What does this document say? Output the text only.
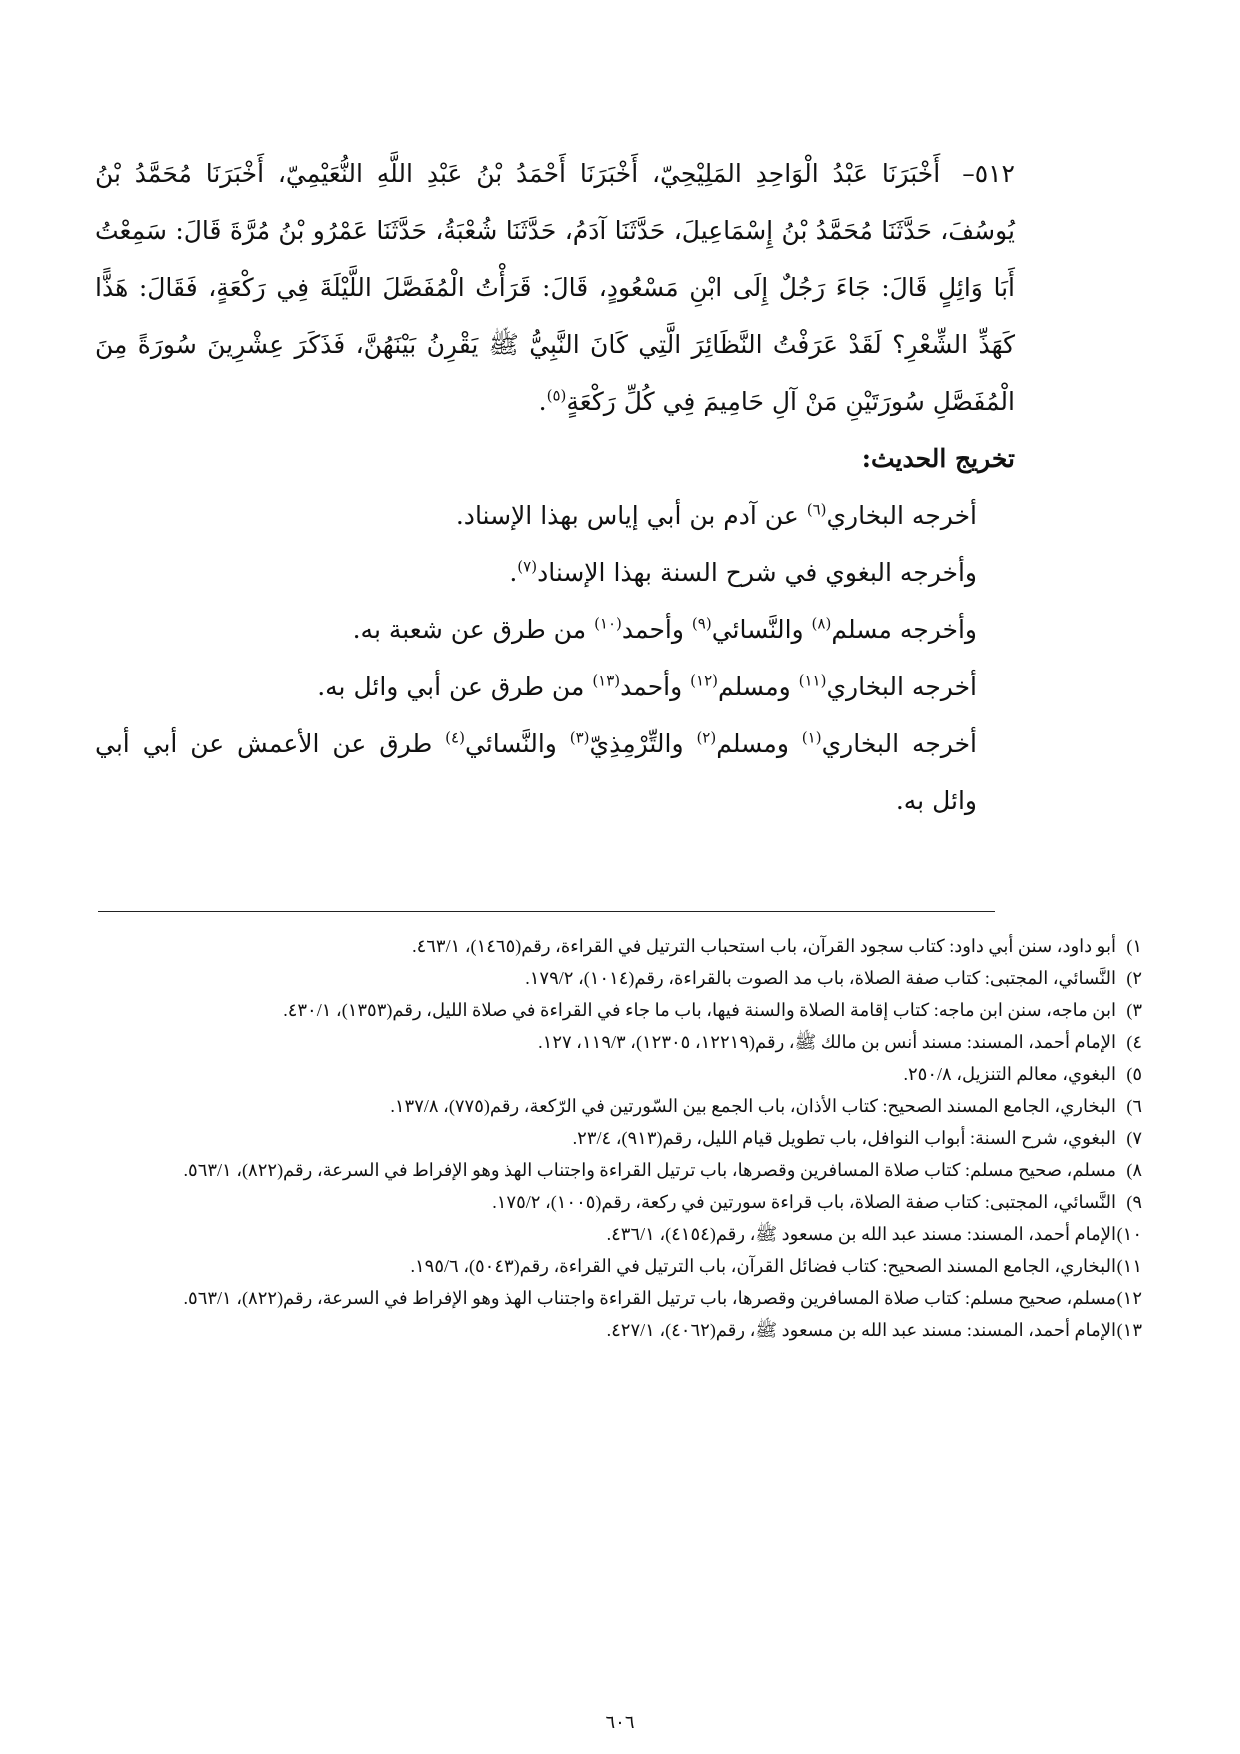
٥١٢–أَخْبَرَنَا عَبْدُ الْوَاحِدِ المَلِيْحِيّ، أَخْبَرَنَا أَحْمَدُ بْنُ عَبْدِ اللَّهِ النُّعَيْمِيّ، أَخْبَرَنَا مُحَمَّدُ بْنُ يُوسُفَ، حَدَّثَنَا مُحَمَّدُ بْنُ إِسْمَاعِيلَ، حَدَّثَنَا آدَمُ، حَدَّثَنَا شُعْبَةُ، حَدَّثَنَا عَمْرُو بْنُ مُرَّةَ قَالَ: سَمِعْتُ أَبَا وَائِلٍ قَالَ: جَاءَ رَجُلٌ إِلَى ابْنِ مَسْعُودٍ، قَالَ: قَرَأْتُ الْمُفَصَّلَ اللَّيْلَةَ فِي رَكْعَةٍ، فَقَالَ: هَذًّا كَهَذِّ الشِّعْرِ؟ لَقَدْ عَرَفْتُ النَّظَائِرَ الَّتِي كَانَ النَّبِيُّ ﷺ يَقْرِنُ بَيْنَهُنَّ، فَذَكَرَ عِشْرِينَ سُورَةً مِنَ الْمُفَصَّلِ سُورَتَيْنِ مَنْ آلِ حَامِيمَ فِي كُلِّ رَكْعَةٍ$^{(٥)}$.

تخريج الحديث:

أخرجه البخاري$^{(٦)}$ عن آدم بن أبي إياس بهذا الإسناد.

وأخرجه البغوي في شرح السنة بهذا الإسناد$^{(٧)}$.

وأخرجه مسلم$^{(٨)}$ والنَّسائي$^{(٩)}$ وأحمد$^{(١٠)}$ من طرق عن شعبة به.

أخرجه البخاري$^{(١١)}$ ومسلم$^{(١٢)}$ وأحمد$^{(١٣)}$ من طرق عن أبي وائل به.

أخرجه البخاري$^{(١)}$ ومسلم$^{(٢)}$ والتِّرْمِذِيّ$^{(٣)}$ والنَّسائي$^{(٤)}$ طرق عن الأعمش عن أبي أبي وائل به.

١)أبو داود، سنن أبي داود: كتاب سجود القرآن، باب استحباب الترتيل في القراءة، رقم(١٤٦٥)، ٤٦٣/١.

٢)النَّسائي، المجتبى: كتاب صفة الصلاة، باب مد الصوت بالقراءة، رقم(١٠١٤)، ١٧٩/٢.

٣)ابن ماجه، سنن ابن ماجه: كتاب إقامة الصلاة والسنة فيها، باب ما جاء في القراءة في صلاة الليل، رقم(١٣٥٣)، ٤٣٠/١.

٤)الإمام أحمد، المسند: مسند أنس بن مالك ﷺ، رقم(١٢٢١٩، ١٢٣٠٥)، ١١٩/٣، ١٢٧.

٥)البغوي، معالم التنزيل، ٢٥٠/٨.

٦)البخاري، الجامع المسند الصحيح: كتاب الأذان، باب الجمع بين السّورتين في الرّكعة، رقم(٧٧٥)، ١٣٧/٨.

٧)البغوي، شرح السنة: أبواب النوافل، باب تطويل قيام الليل، رقم(٩١٣)، ٢٣/٤.

٨)مسلم، صحيح مسلم: كتاب صلاة المسافرين وقصرها، باب ترتيل القراءة واجتناب الهذ وهو الإفراط في السرعة، رقم(٨٢٢)، ٥٦٣/١.

٩)النَّسائي، المجتبى: كتاب صفة الصلاة، باب قراءة سورتين في ركعة، رقم(١٠٠٥)، ١٧٥/٢.

١٠)الإمام أحمد، المسند: مسند عبد الله بن مسعود ﷺ، رقم(٤١٥٤)، ٤٣٦/١.

١١)البخاري، الجامع المسند الصحيح: كتاب فضائل القرآن، باب الترتيل في القراءة، رقم(٥٠٤٣)، ١٩٥/٦.

١٢)مسلم، صحيح مسلم: كتاب صلاة المسافرين وقصرها، باب ترتيل القراءة واجتناب الهذ وهو الإفراط في السرعة، رقم(٨٢٢)، ٥٦٣/١.

١٣)الإمام أحمد، المسند: مسند عبد الله بن مسعود ﷺ، رقم(٤٠٦٢)، ٤٢٧/١.

٦٠٦
